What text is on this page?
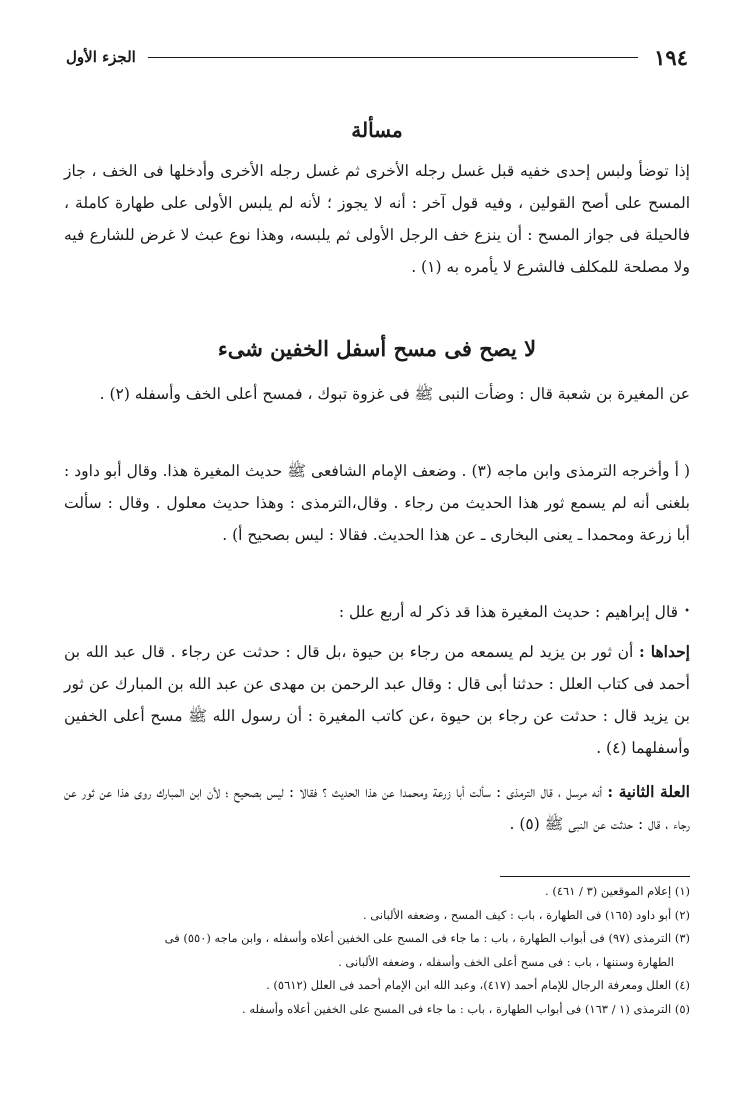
١٩٤
الجزء الأول
مسألة
إذا توضأ ولبس إحدى خفيه قبل غسل رجله الأخرى ثم غسل رجله الأخرى وأدخلها فى الخف ، جاز المسح على أصح القولين ، وفيه قول آخر : أنه لا يجوز ؛ لأنه لم يلبس الأولى على طهارة كاملة ، فالحيلة فى جواز المسح : أن ينزع خف الرجل الأولى ثم يلبسه، وهذا نوع عبث لا غرض للشارع فيه ولا مصلحة للمكلف فالشرع لا يأمره به (١) .
لا يصح فى مسح أسفل الخفين شىء
عن المغيرة بن شعبة قال : وضأت النبى ﷺ فى غزوة تبوك ، فمسح أعلى الخف وأسفله (٢) .
( أ وأخرجه الترمذى وابن ماجه (٣) . وضعف الإمام الشافعى ﷺ حديث المغيرة هذا. وقال أبو داود : بلغنى أنه لم يسمع ثور هذا الحديث من رجاء . وقال،الترمذى : وهذا حديث معلول . وقال : سألت أبا زرعة ومحمدا ـ يعنى البخارى ـ عن هذا الحديث. فقالا : ليس بصحيح أ) .
•قال إبراهيم : حديث المغيرة هذا قد ذكر له أربع علل :
إحداها : أن ثور بن يزيد لم يسمعه من رجاء بن حيوة ،بل قال : حدثت عن رجاء . قال عبد الله بن أحمد فى كتاب العلل : حدثنا أبى قال : وقال عبد الرحمن بن مهدى عن عبد الله بن المبارك عن ثور بن يزيد قال : حدثت عن رجاء بن حيوة ،عن كاتب المغيرة : أن رسول الله ﷺ مسح أعلى الخفين وأسفلهما (٤) .
العلة الثانية : أنه مرسل ، قال الترمذى : سألت أبا زرعة ومحمدا عن هذا الحديث ؟ فقالا : ليس بصحيح ؛ لأن ابن المبارك روى هذا عن ثور عن رجاء ، قال : حدثت عن النبى ﷺ (٥) .
(١) إعلام الموقعين (٣ / ٤٦١) .
(٢) أبو داود (١٦٥) فى الطهارة ، باب : كيف المسح ، وضعفه الألبانى .
(٣) الترمذى (٩٧) فى أبواب الطهارة ، باب : ما جاء فى المسح على الخفين أعلاه وأسفله ، وابن ماجه (٥٥٠) فى
الطهارة وسننها ، باب : فى مسح أعلى الخف وأسفله ، وضعفه الألبانى .
(٤) العلل ومعرفة الرجال للإمام أحمد (٤١٧)، وعبد الله ابن الإمام أحمد فى العلل (٥٦١٢) .
(٥) الترمذى (١ / ١٦٣) فى أبواب الطهارة ، باب : ما جاء فى المسح على الخفين أعلاه وأسفله .
